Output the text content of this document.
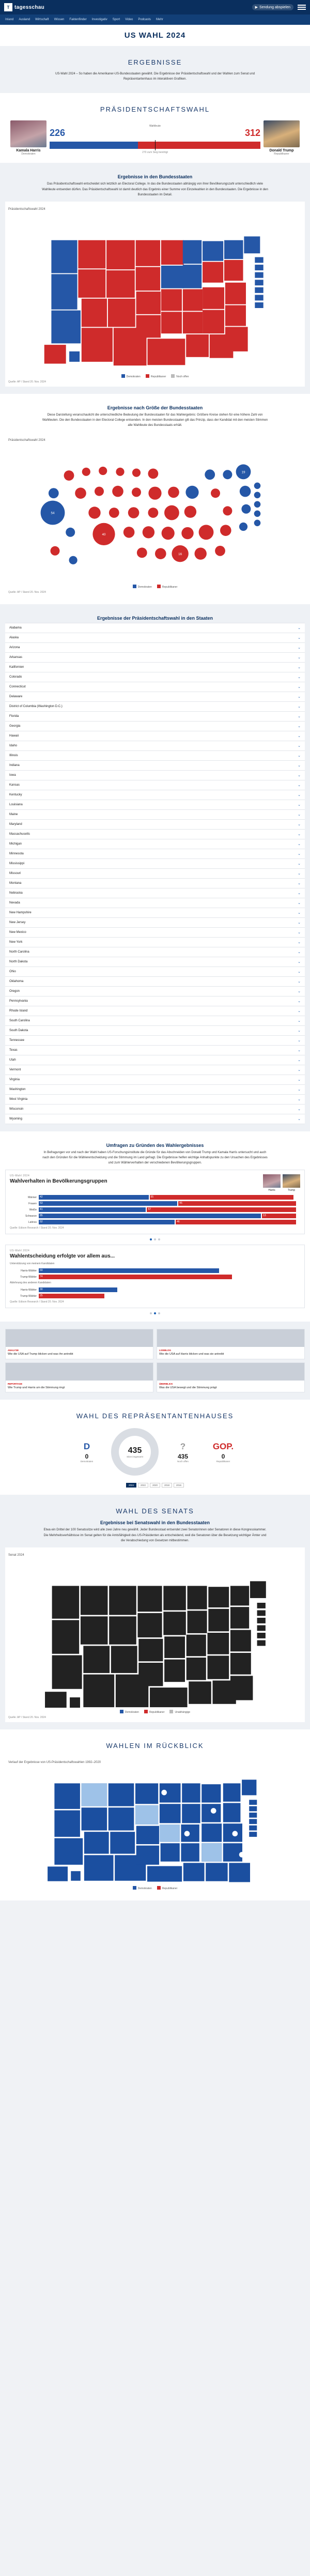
T tagesschau	▶ Sendung abspielen
Inland Ausland Wirtschaft Wissen Faktenfinder Investigativ Sport Video Podcasts Mehr
US WAHL 2024
ERGEBNISSE

US-Wahl 2024 – So haben die Amerikaner-US-Bundesstaaten gewählt. Die Ergebnisse der Präsidentschaftswahl und der Wahlen zum Senat und Repräsentantenhaus im interaktiven Grafiken.

PRÄSIDENTSCHAFTSWAHL
Kamala Harris
Demokraten
Wahlleute
226	312
270 zum Sieg benötigt	Donald Trump
Republikaner
Ergebnisse in den Bundesstaaten

Das Präsidentschaftswahl entscheidet sich letztlich an Electoral College. In das die Bundesstaaten abhängig von ihrer Bevölkerungszahl unterschiedlich viele Wahlleute entsenden dürfen. Das Präsidentschaftswahl ist damit deutlich das Ergebnis einer Summe von Einzelwahlen in den Bundesstaaten. Die Ergebnisse in den Bundesstaaten im Detail.

Präsidentschaftswahl 2024
Demokraten	Republikaner	Noch offen
Quelle: AP / Stand 20. Nov. 2024
Ergebnisse nach Größe der Bundesstaaten

Diese Darstellung veranschaulicht die unterschiedliche Bedeutung der Bundesstaaten für das Wahlergebnis: Größere Kreise stehen für eine höhere Zahl von Wahlleuten. Die den Bundesstaaten in den Electoral College entsenden. In den meisten Bundesstaaten gilt das Prinzip, dass der Kandidat mit den meisten Stimmen alle Wahlleute des Bundesstaats erhält.

Präsidentschaftswahl 2024
54
40
19
16
Demokraten	Republikaner
Quelle: AP / Stand 20. Nov. 2024
Ergebnisse der Präsidentschaftswahl in den Staaten
Alabama	⌄
Alaska	⌄
Arizona	⌄
Arkansas	⌄
Kalifornien	⌄
Colorado	⌄
Connecticut	⌄
Delaware	⌄
District of Columbia (Washington D.C.)	⌄
Florida	⌄
Georgia	⌄
Hawaii	⌄
Idaho	⌄
Illinois	⌄
Indiana	⌄
Iowa	⌄
Kansas	⌄
Kentucky	⌄
Louisiana	⌄
Maine	⌄
Maryland	⌄
Massachusetts	⌄
Michigan	⌄
Minnesota	⌄
Mississippi	⌄
Missouri	⌄
Montana	⌄
Nebraska	⌄
Nevada	⌄
New Hampshire	⌄
New Jersey	⌄
New Mexico	⌄
New York	⌄
North Carolina	⌄
North Dakota	⌄
Ohio	⌄
Oklahoma	⌄
Oregon	⌄
Pennsylvania	⌄
Rhode Island	⌄
South Carolina	⌄
South Dakota	⌄
Tennessee	⌄
Texas	⌄
Utah	⌄
Vermont	⌄
Virginia	⌄
Washington	⌄
West Virginia	⌄
Wisconsin	⌄
Wyoming	⌄
Umfragen zu Gründen des Wahlergebnisses

In Befragungen vor und nach der Wahl haben US-Forschungsinstitute die Gründe für das Abschneiden von Donald Trump und Kamala Harris untersucht und auch nach den Gründen für die Wählerentscheidung und die Stimmung im Land gefragt. Die Ergebnisse helfen wichtige Anhaltspunkte zu den Ursachen des Ergebnisses und zum Wählerverhalten der verschiedenen Bevölkerungsgruppen.

US-Wahl 2024
Wahlverhalten in Bevölkerungsgruppen
Harris	Trump
Männer	42	55
Frauen	53	45
Weiße	41	57
Schwarze	85	13
Latinos	52	46
Quelle: Edison Research / Stand 20. Nov. 2024
US-Wahl 2024
Wahlentscheidung erfolgte vor allem aus...
Unterstützung von meinem Kandidaten
Harris-Wähler	69
Trump-Wähler	74
Ablehnung des anderen Kandidaten
Harris-Wähler	30
Trump-Wähler	25
Quelle: Edison Research / Stand 20. Nov. 2024
ANALYSE
Wie die USA auf Trump blicken und was ihn antreibt
LIVEBLOG
Wie die USA auf Harris blicken und was sie antreibt
REPORTAGE
Wie Trump und Harris um die Stimmung ringt
ÜBERBLICK
Was die USA bewegt und die Stimmung prägt
WAHL DES REPRÄSENTANTENHAUSES
D
0
Demokraten
435
Sitze insgesamt
?
435
Noch offen
GOP.
0
Republikaner
2024	2022	2020	2018	2016
WAHL DES SENATS
Ergebnisse bei Senatswahl in den Bundesstaaten

Etwa ein Drittel der 100 Senatssitze wird alle zwei Jahre neu gewählt. Jeder Bundesstaat entsendet zwei Senatorinnen oder Senatoren in diese Kongresskammer. Die Mehrheitsverhältnisse im Senat gelten für die Amtsfähigkeit des US-Präsidenten als entscheidend, weil die Senatoren über die Besetzung wichtiger Ämter und die Verabschiedung von Gesetzen mitbestimmen.

Senat 2024
Demokraten	Republikaner	Unabhängige
Quelle: AP / Stand 20. Nov. 2024
WAHLEN IM RÜCKBLICK
Verlauf der Ergebnisse von US-Präsidentschaftswahlen 1992–2020
Demokraten	Republikaner
